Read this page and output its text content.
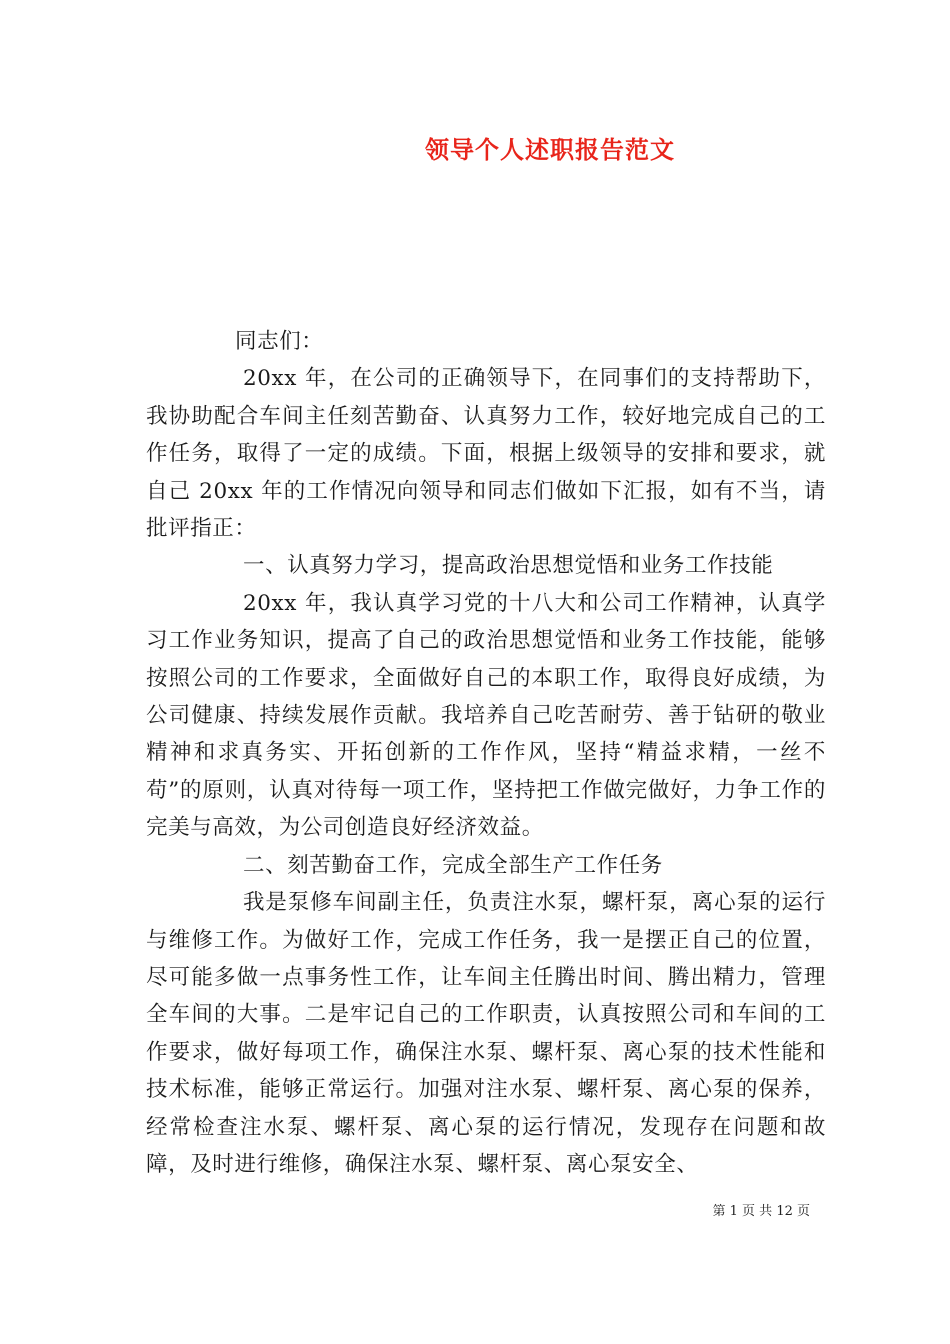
领导个人述职报告范文

同志们：

20xx 年，在公司的正确领导下，在同事们的支持帮助下，我协助配合车间主任刻苦勤奋、认真努力工作，较好地完成自己的工作任务，取得了一定的成绩。下面，根据上级领导的安排和要求，就自己 20xx 年的工作情况向领导和同志们做如下汇报，如有不当，请批评指正：

一、认真努力学习，提高政治思想觉悟和业务工作技能

20xx 年，我认真学习党的十八大和公司工作精神，认真学习工作业务知识，提高了自己的政治思想觉悟和业务工作技能，能够按照公司的工作要求，全面做好自己的本职工作，取得良好成绩，为公司健康、持续发展作贡献。我培养自己吃苦耐劳、善于钻研的敬业精神和求真务实、开拓创新的工作作风，坚持“精益求精，一丝不苟”的原则，认真对待每一项工作，坚持把工作做完做好，力争工作的完美与高效，为公司创造良好经济效益。

二、刻苦勤奋工作，完成全部生产工作任务

我是泵修车间副主任，负责注水泵，螺杆泵，离心泵的运行与维修工作。为做好工作，完成工作任务，我一是摆正自己的位置，尽可能多做一点事务性工作，让车间主任腾出时间、腾出精力，管理全车间的大事。二是牢记自己的工作职责，认真按照公司和车间的工作要求，做好每项工作，确保注水泵、螺杆泵、离心泵的技术性能和技术标准，能够正常运行。加强对注水泵、螺杆泵、离心泵的保养，经常检查注水泵、螺杆泵、离心泵的运行情况，发现存在问题和故障，及时进行维修，确保注水泵、螺杆泵、离心泵安全、

第 1 页 共 12 页
